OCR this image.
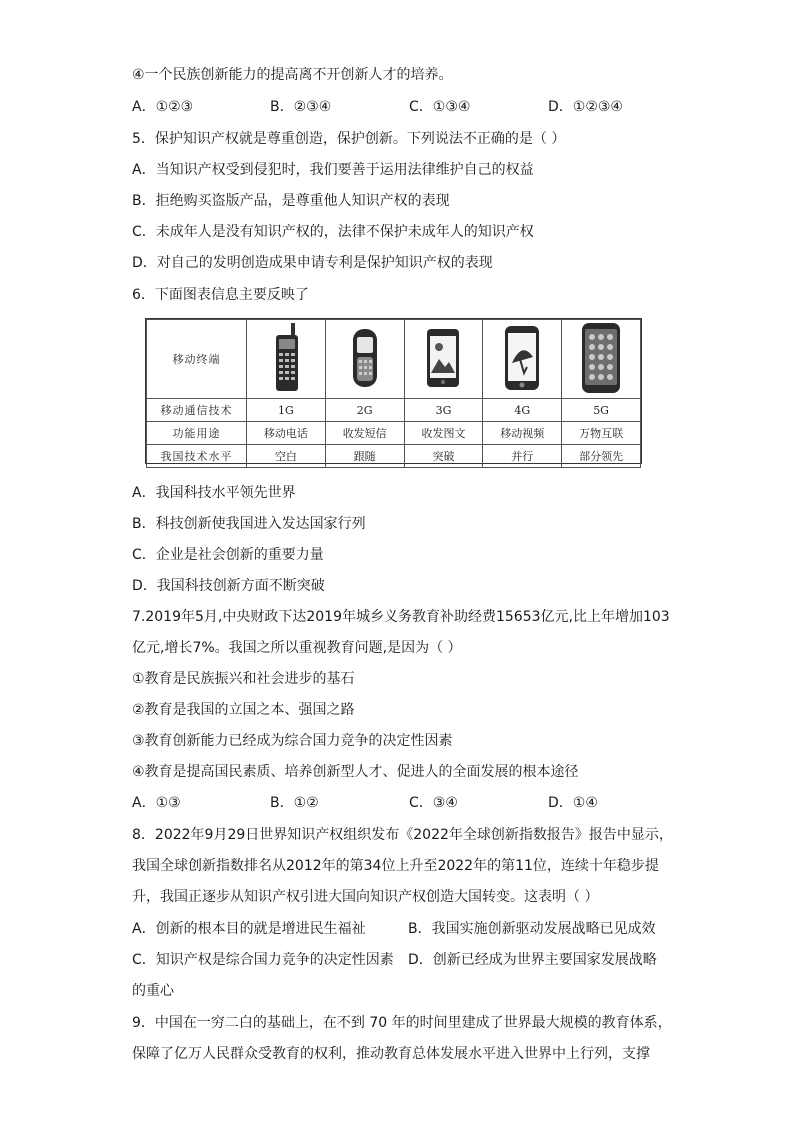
④一个民族创新能力的提高离不开创新人才的培养。
A．①②③	B．②③④	C．①③④	D．①②③④
5．保护知识产权就是尊重创造，保护创新。下列说法不正确的是（ ）
A．当知识产权受到侵犯时，我们要善于运用法律维护自己的权益
B．拒绝购买盗版产品，是尊重他人知识产权的表现
C．未成年人是没有知识产权的，法律不保护未成年人的知识产权
D．对自己的发明创造成果申请专利是保护知识产权的表现
6．下面图表信息主要反映了
移动终端					
移动通信技术	1G	2G	3G	4G	5G
功能用途	移动电话	收发短信	收发图文	移动视频	万物互联
我国技术水平	空白	跟随	突破	并行	部分领先
A．我国科技水平领先世界
B．科技创新使我国进入发达国家行列
C．企业是社会创新的重要力量
D．我国科技创新方面不断突破
7.2019年5月,中央财政下达2019年城乡义务教育补助经费15653亿元,比上年增加103
亿元,增长7%。我国之所以重视教育问题,是因为（ ）
①教育是民族振兴和社会进步的基石
②教育是我国的立国之本、强国之路
③教育创新能力已经成为综合国力竞争的决定性因素
④教育是提高国民素质、培养创新型人才、促进人的全面发展的根本途径
A．①③	B．①②	C．③④	D．①④
8．2022年9月29日世界知识产权组织发布《2022年全球创新指数报告》报告中显示，
我国全球创新指数排名从2012年的第34位上升至2022年的第11位，连续十年稳步提
升，我国正逐步从知识产权引进大国向知识产权创造大国转变。这表明（ ）
A．创新的根本目的就是增进民生福祉	B．我国实施创新驱动发展战略已见成效
C．知识产权是综合国力竞争的决定性因素 D．创新已经成为世界主要国家发展战略
的重心
9．中国在一穷二白的基础上，在不到 70 年的时间里建成了世界最大规模的教育体系，
保障了亿万人民群众受教育的权利，推动教育总体发展水平进入世界中上行列，支撑
